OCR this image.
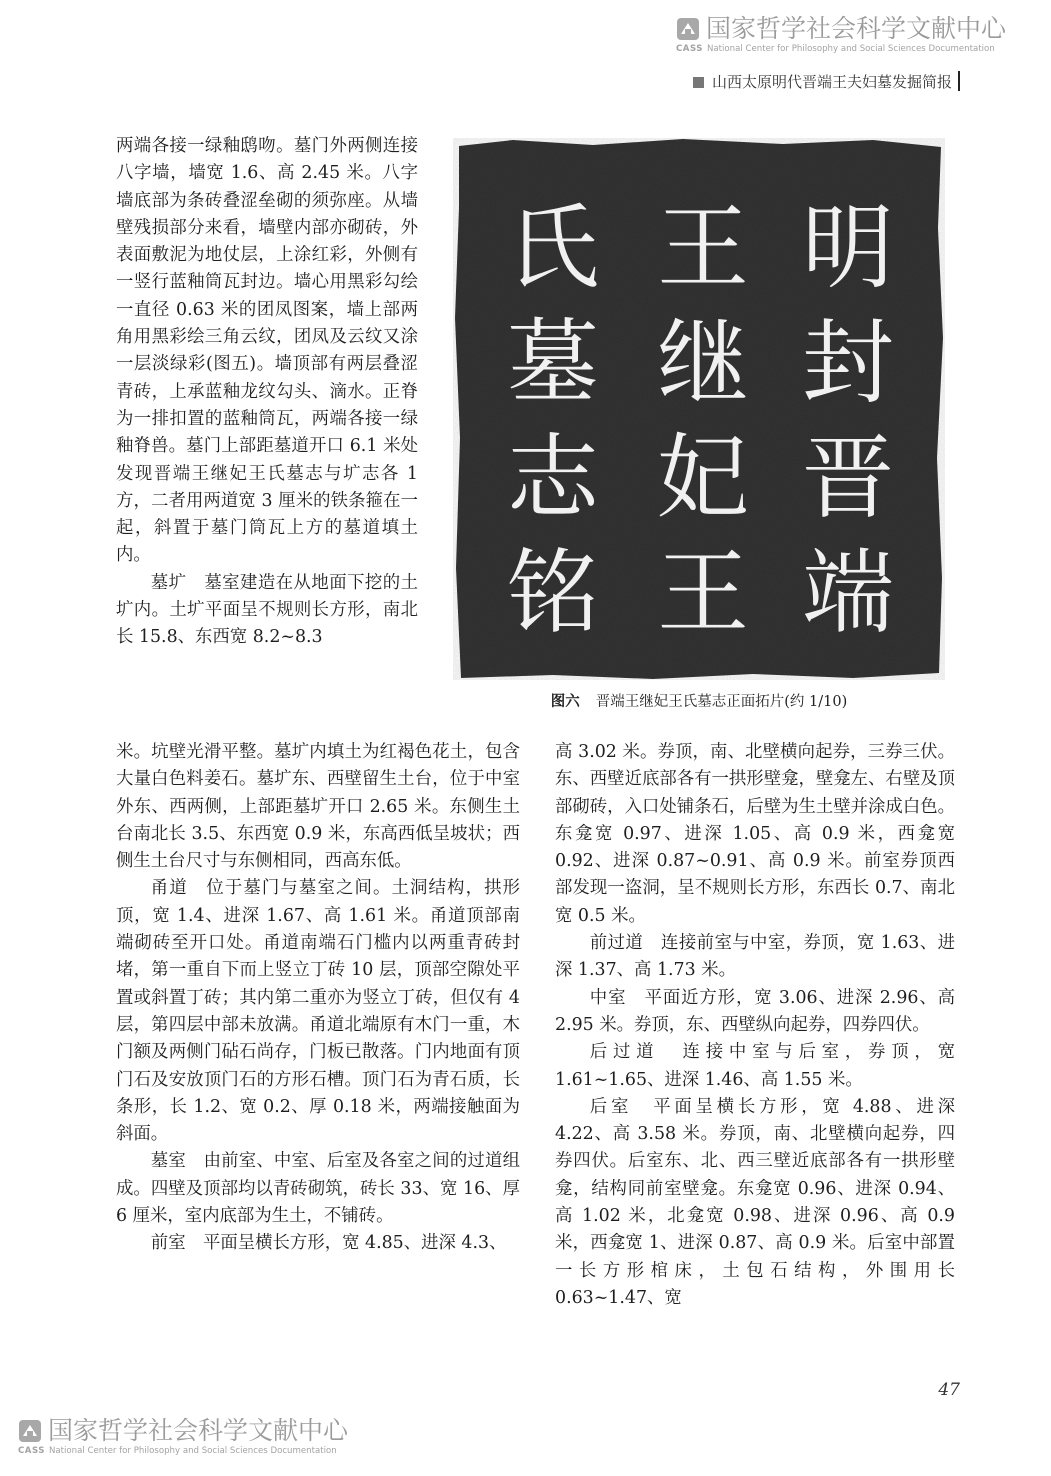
国家哲学社会科学文献中心
CASS National Center for Philosophy and Social Sciences Documentation
山西太原明代晋端王夫妇墓发掘简报

两端各接一绿釉鸱吻。墓门外两侧连接八字墙，墙宽 1.6、高 2.45 米。八字墙底部为条砖叠涩垒砌的须弥座。从墙壁残损部分来看，墙壁内部亦砌砖，外表面敷泥为地仗层，上涂红彩，外侧有一竖行蓝釉筒瓦封边。墙心用黑彩勾绘一直径 0.63 米的团凤图案，墙上部两角用黑彩绘三角云纹，团凤及云纹又涂一层淡绿彩(图五)。墙顶部有两层叠涩青砖，上承蓝釉龙纹勾头、滴水。正脊为一排扣置的蓝釉筒瓦，两端各接一绿釉脊兽。墓门上部距墓道开口 6.1 米处发现晋端王继妃王氏墓志与圹志各 1 方，二者用两道宽 3 厘米的铁条箍在一起，斜置于墓门筒瓦上方的墓道填土内。

墓圹　墓室建造在从地面下挖的土圹内。土圹平面呈不规则长方形，南北长 15.8、东西宽 8.2~8.3

明
封
晋
端
王
继
妃
王
氏
墓
志
铭
图六 晋端王继妃王氏墓志正面拓片(约 1/10)

米。坑壁光滑平整。墓圹内填土为红褐色花土，包含大量白色料姜石。墓圹东、西壁留生土台，位于中室外东、西两侧，上部距墓圹开口 2.65 米。东侧生土台南北长 3.5、东西宽 0.9 米，东高西低呈坡状；西侧生土台尺寸与东侧相同，西高东低。

甬道　位于墓门与墓室之间。土洞结构，拱形顶，宽 1.4、进深 1.67、高 1.61 米。甬道顶部南端砌砖至开口处。甬道南端石门槛内以两重青砖封堵，第一重自下而上竖立丁砖 10 层，顶部空隙处平置或斜置丁砖；其内第二重亦为竖立丁砖，但仅有 4 层，第四层中部未放满。甬道北端原有木门一重，木门额及两侧门砧石尚存，门板已散落。门内地面有顶门石及安放顶门石的方形石槽。顶门石为青石质，长条形，长 1.2、宽 0.2、厚 0.18 米，两端接触面为斜面。

墓室　由前室、中室、后室及各室之间的过道组成。四壁及顶部均以青砖砌筑，砖长 33、宽 16、厚 6 厘米，室内底部为生土，不铺砖。

前室　平面呈横长方形，宽 4.85、进深 4.3、

高 3.02 米。券顶，南、北壁横向起券，三券三伏。东、西壁近底部各有一拱形壁龛，壁龛左、右壁及顶部砌砖，入口处铺条石，后壁为生土壁并涂成白色。东龛宽 0.97、进深 1.05、高 0.9 米，西龛宽 0.92、进深 0.87~0.91、高 0.9 米。前室券顶西部发现一盗洞，呈不规则长方形，东西长 0.7、南北宽 0.5 米。

前过道　连接前室与中室，券顶，宽 1.63、进深 1.37、高 1.73 米。

中室　平面近方形，宽 3.06、进深 2.96、高 2.95 米。券顶，东、西壁纵向起券，四券四伏。

后过道　连接中室与后室，券顶，宽 1.61~1.65、进深 1.46、高 1.55 米。

后室　平面呈横长方形，宽 4.88、进深 4.22、高 3.58 米。券顶，南、北壁横向起券，四券四伏。后室东、北、西三壁近底部各有一拱形壁龛，结构同前室壁龛。东龛宽 0.96、进深 0.94、高 1.02 米，北龛宽 0.98、进深 0.96、高 0.9 米，西龛宽 1、进深 0.87、高 0.9 米。后室中部置一长方形棺床，土包石结构，外围用长 0.63~1.47、宽

47
国家哲学社会科学文献中心
CASS National Center for Philosophy and Social Sciences Documentation
